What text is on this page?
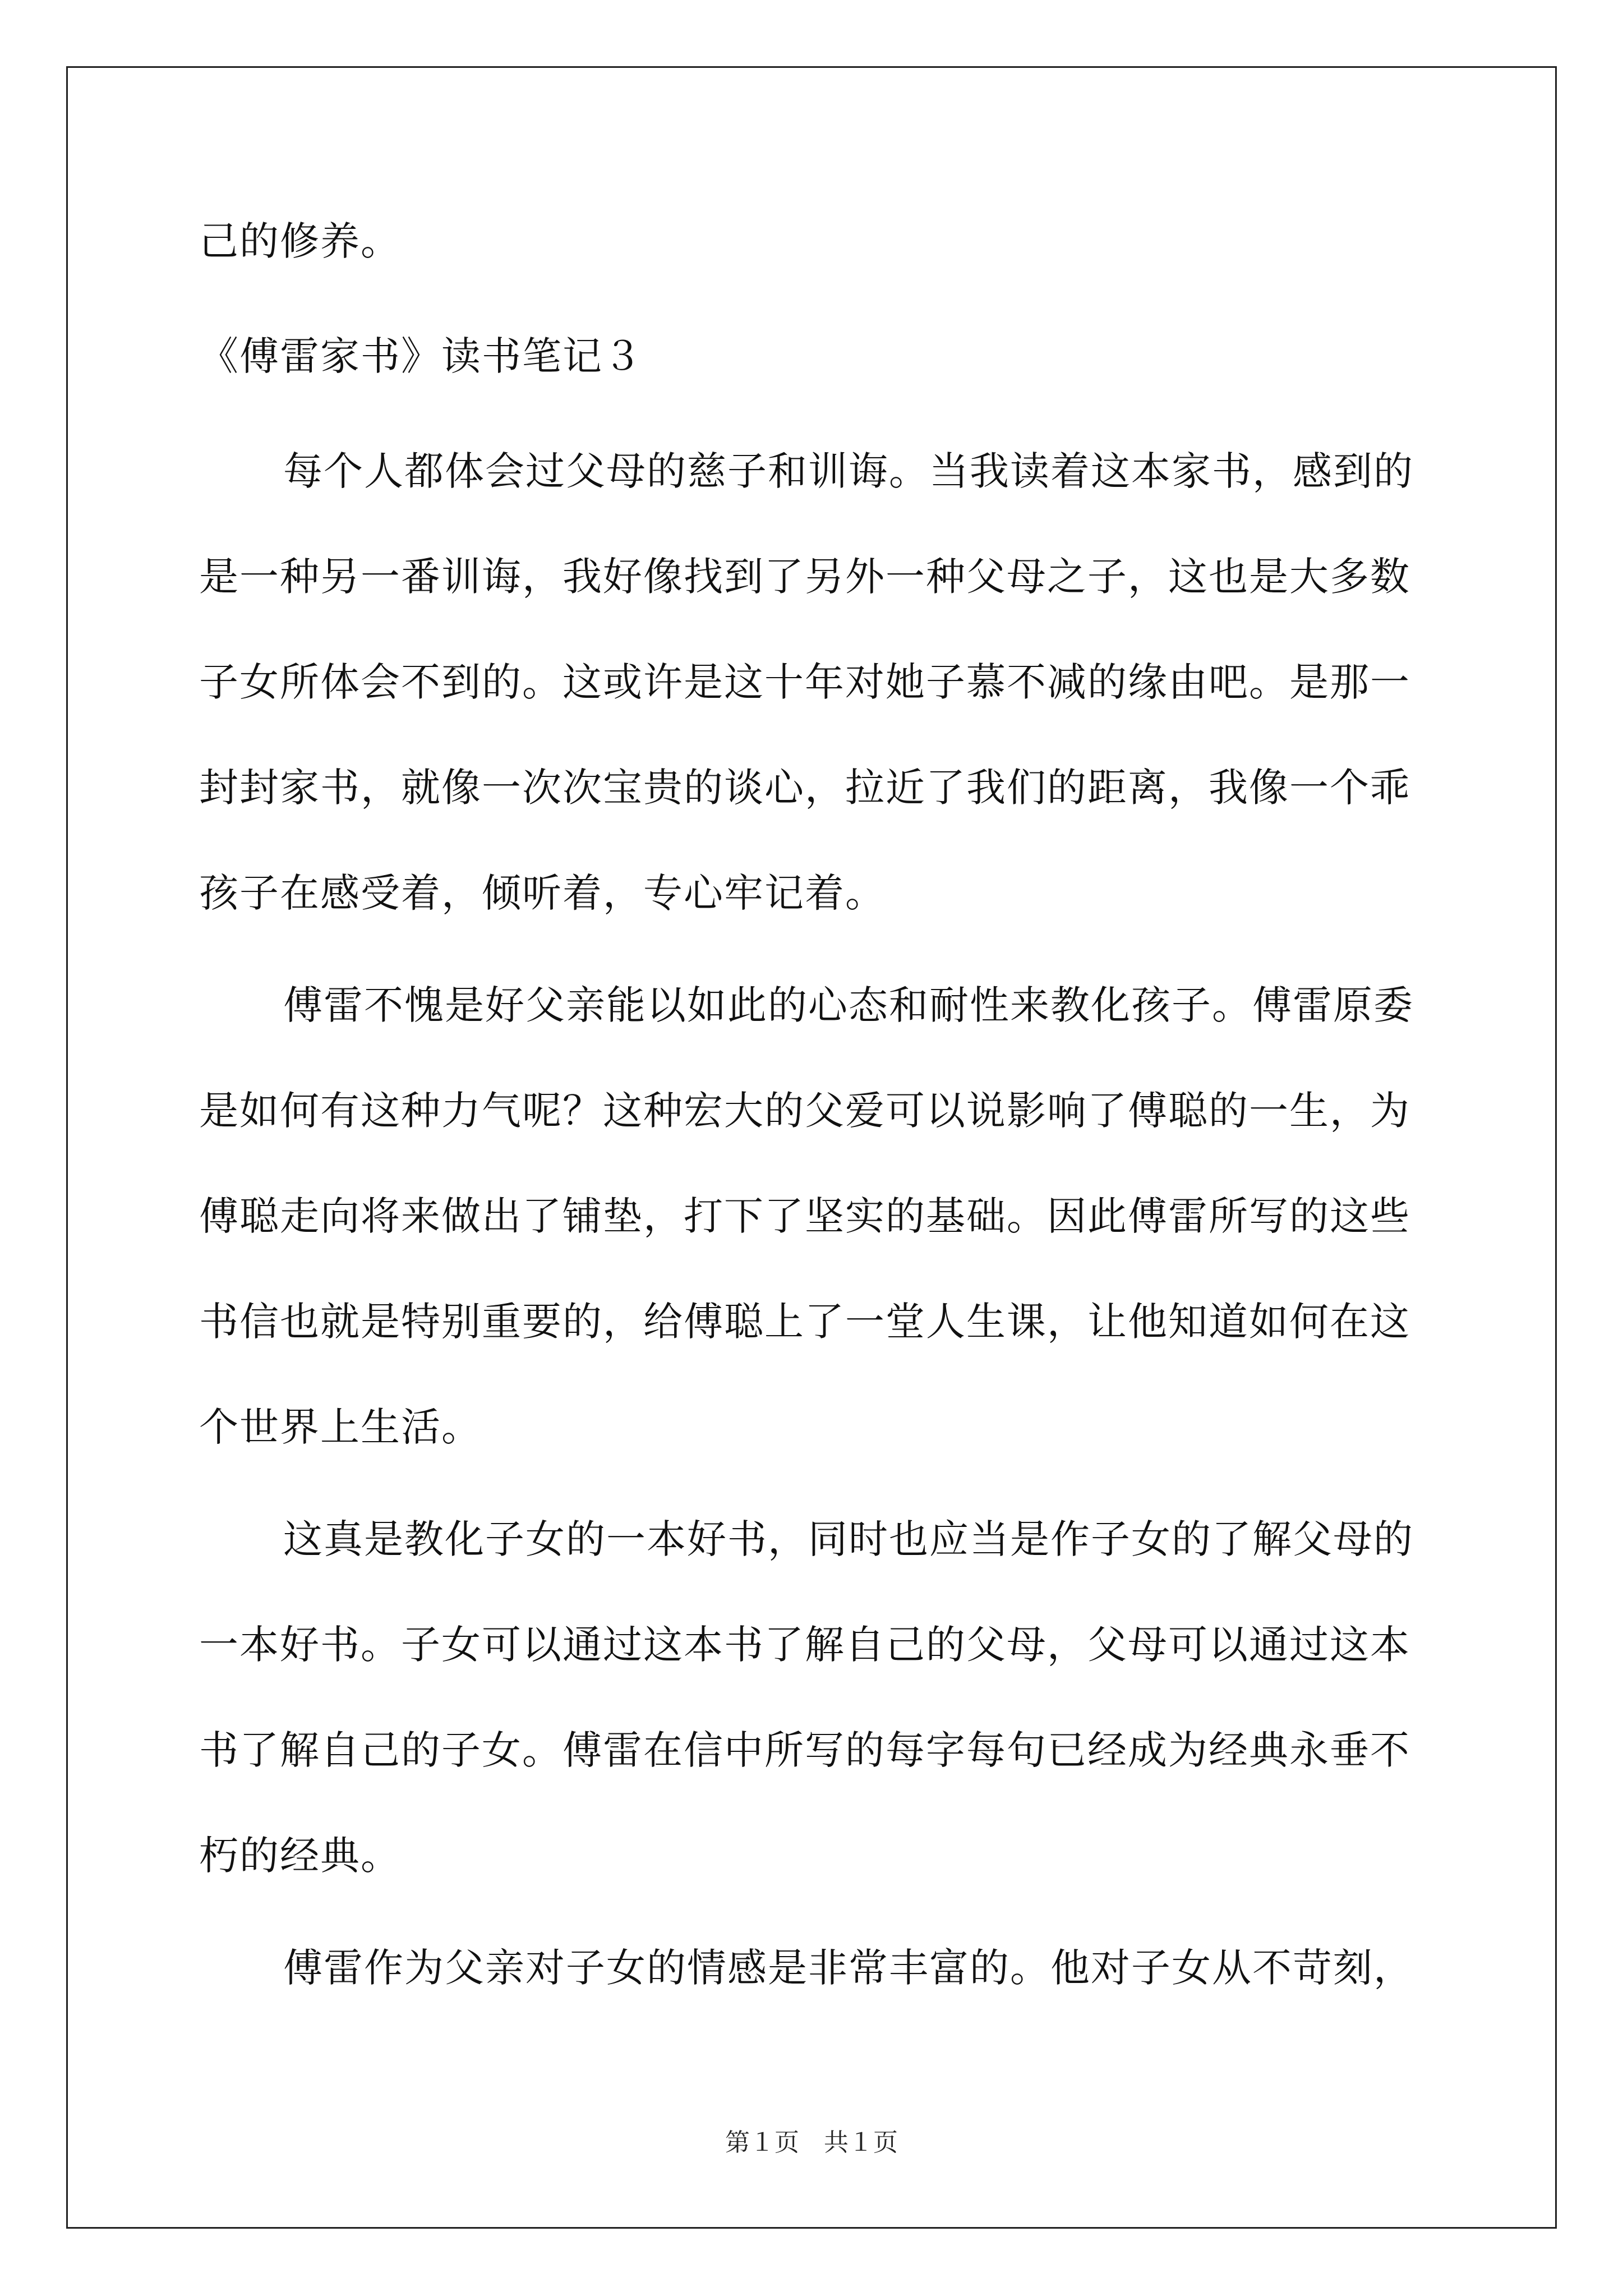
己的修养。
《傅雷家书》读书笔记３
每个人都体会过父母的慈子和训诲。当我读着这本家书，感到的
是一种另一番训诲，我好像找到了另外一种父母之子，这也是大多数
子女所体会不到的。这或许是这十年对她子慕不减的缘由吧。是那一
封封家书，就像一次次宝贵的谈心，拉近了我们的距离，我像一个乖
孩子在感受着，倾听着，专心牢记着。
傅雷不愧是好父亲能以如此的心态和耐性来教化孩子。傅雷原委
是如何有这种力气呢？这种宏大的父爱可以说影响了傅聪的一生，为
傅聪走向将来做出了铺垫，打下了坚实的基础。因此傅雷所写的这些
书信也就是特别重要的，给傅聪上了一堂人生课，让他知道如何在这
个世界上生活。
这真是教化子女的一本好书，同时也应当是作子女的了解父母的
一本好书。子女可以通过这本书了解自己的父母，父母可以通过这本
书了解自己的子女。傅雷在信中所写的每字每句已经成为经典永垂不
朽的经典。
傅雷作为父亲对子女的情感是非常丰富的。他对子女从不苛刻，
第１页　共１页
